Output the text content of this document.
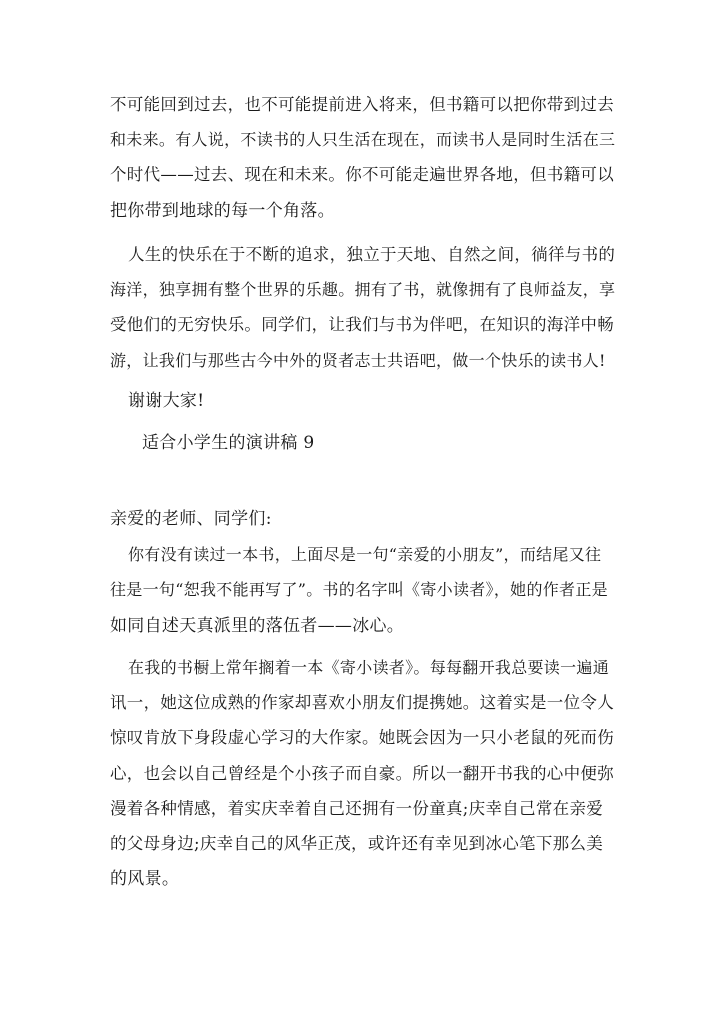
不可能回到过去，也不可能提前进入将来，但书籍可以把你带到过去
和未来。有人说，不读书的人只生活在现在，而读书人是同时生活在三
个时代——过去、现在和未来。你不可能走遍世界各地，但书籍可以
把你带到地球的每一个角落。
人生的快乐在于不断的追求，独立于天地、自然之间，徜徉与书的
海洋，独享拥有整个世界的乐趣。拥有了书，就像拥有了良师益友，享
受他们的无穷快乐。同学们，让我们与书为伴吧，在知识的海洋中畅
游，让我们与那些古今中外的贤者志士共语吧，做一个快乐的读书人!
谢谢大家!
适合小学生的演讲稿 9
亲爱的老师、同学们:
你有没有读过一本书，上面尽是一句“亲爱的小朋友”，而结尾又往
往是一句“恕我不能再写了”。书的名字叫《寄小读者》，她的作者正是
如同自述天真派里的落伍者——冰心。
在我的书橱上常年搁着一本《寄小读者》。每每翻开我总要读一遍通
讯一，她这位成熟的作家却喜欢小朋友们提携她。这着实是一位令人
惊叹肯放下身段虚心学习的大作家。她既会因为一只小老鼠的死而伤
心，也会以自己曾经是个小孩子而自豪。所以一翻开书我的心中便弥
漫着各种情感，着实庆幸着自己还拥有一份童真;庆幸自己常在亲爱
的父母身边;庆幸自己的风华正茂，或许还有幸见到冰心笔下那么美
的风景。
